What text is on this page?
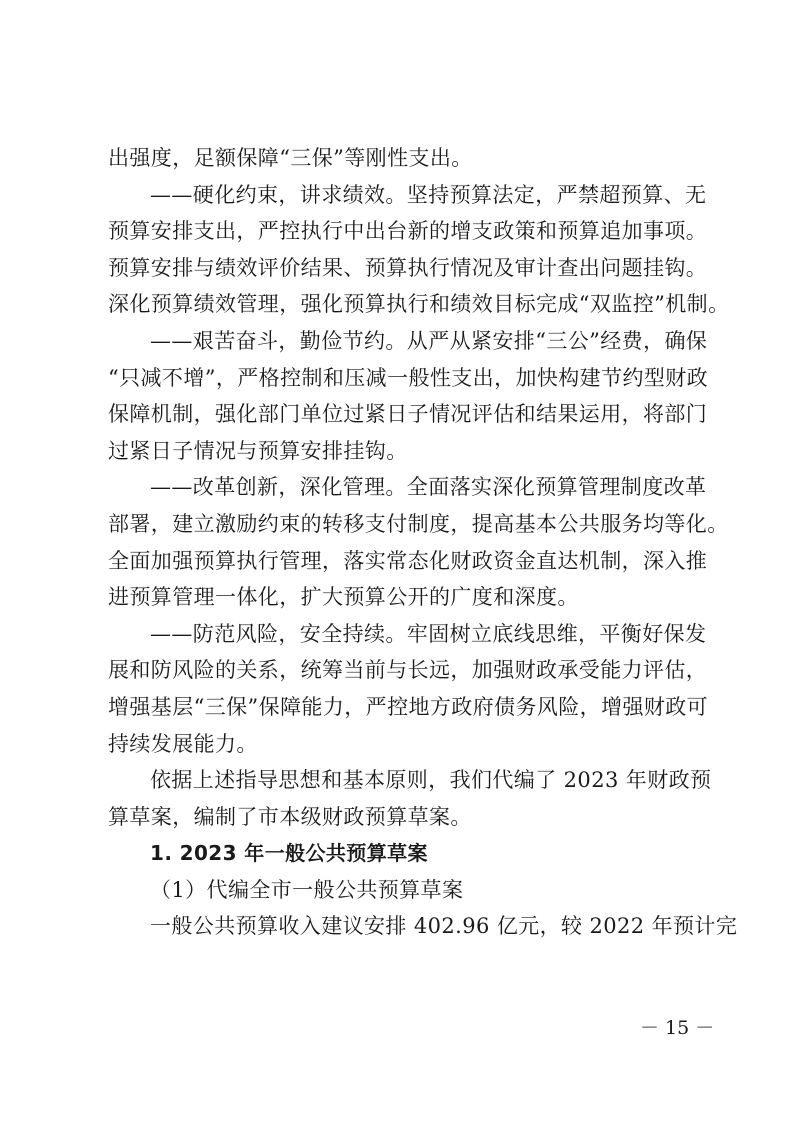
出强度，足额保障“三保”等刚性支出。
——硬化约束，讲求绩效。坚持预算法定，严禁超预算、无
预算安排支出，严控执行中出台新的增支政策和预算追加事项。
预算安排与绩效评价结果、预算执行情况及审计查出问题挂钩。
深化预算绩效管理，强化预算执行和绩效目标完成“双监控”机制。
——艰苦奋斗，勤俭节约。从严从紧安排“三公”经费，确保
“只减不增”，严格控制和压减一般性支出，加快构建节约型财政
保障机制，强化部门单位过紧日子情况评估和结果运用，将部门
过紧日子情况与预算安排挂钩。
——改革创新，深化管理。全面落实深化预算管理制度改革
部署，建立激励约束的转移支付制度，提高基本公共服务均等化。
全面加强预算执行管理，落实常态化财政资金直达机制，深入推
进预算管理一体化，扩大预算公开的广度和深度。
——防范风险，安全持续。牢固树立底线思维，平衡好保发
展和防风险的关系，统筹当前与长远，加强财政承受能力评估，
增强基层“三保”保障能力，严控地方政府债务风险，增强财政可
持续发展能力。
依据上述指导思想和基本原则，我们代编了 2023 年财政预
算草案，编制了市本级财政预算草案。
1. 2023 年一般公共预算草案
（1）代编全市一般公共预算草案
一般公共预算收入建议安排 402.96 亿元，较 2022 年预计完
－ 15 －
